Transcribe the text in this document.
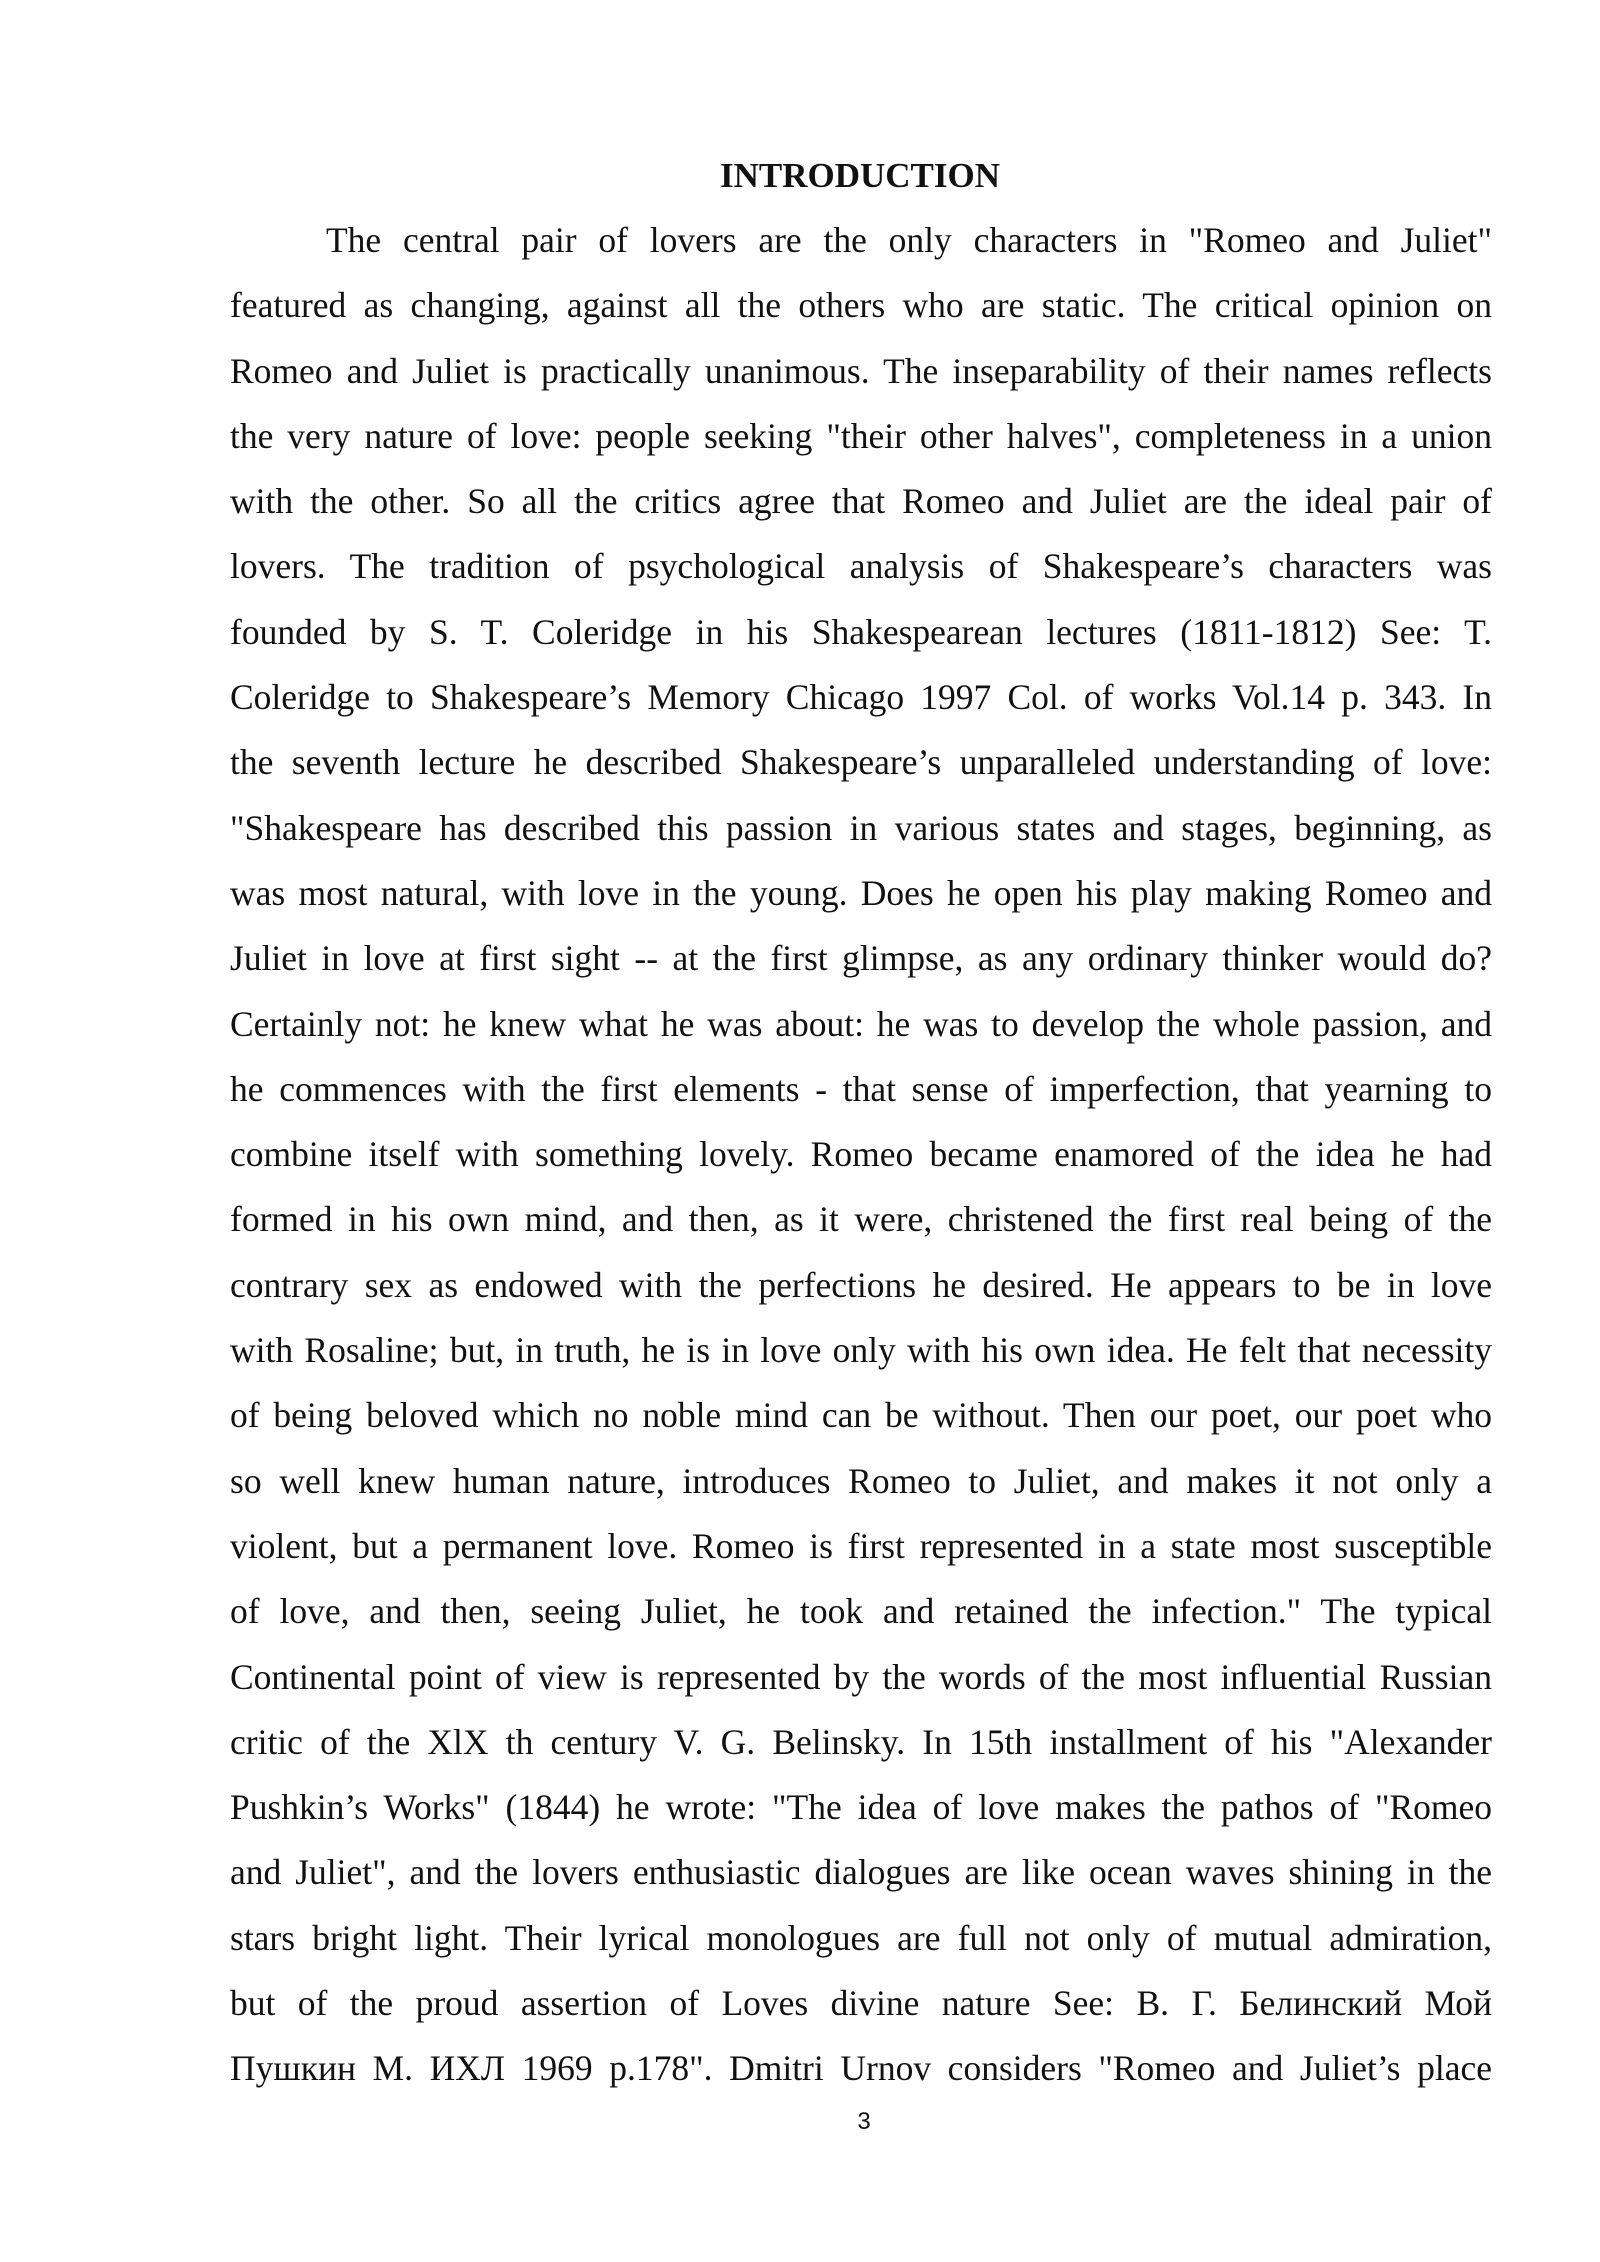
INTRODUCTION
The central pair of lovers are the only characters in "Romeo and Juliet"
featured as changing, against all the others who are static. The critical opinion on
Romeo and Juliet is practically unanimous. The inseparability of their names reflects
the very nature of love: people seeking "their other halves", completeness in a union
with the other. So all the critics agree that Romeo and Juliet are the ideal pair of
lovers. The tradition of psychological analysis of Shakespeare’s characters was
founded by S. T. Coleridge in his Shakespearean lectures (1811-1812) See: T.
Coleridge to Shakespeare’s Memory Chicago 1997 Col. of works Vol.14 p. 343. In
the seventh lecture he described Shakespeare’s unparalleled understanding of love:
"Shakespeare has described this passion in various states and stages, beginning, as
was most natural, with love in the young. Does he open his play making Romeo and
Juliet in love at first sight -- at the first glimpse, as any ordinary thinker would do?
Certainly not: he knew what he was about: he was to develop the whole passion, and
he commences with the first elements - that sense of imperfection, that yearning to
combine itself with something lovely. Romeo became enamored of the idea he had
formed in his own mind, and then, as it were, christened the first real being of the
contrary sex as endowed with the perfections he desired. He appears to be in love
with Rosaline; but, in truth, he is in love only with his own idea. He felt that necessity
of being beloved which no noble mind can be without. Then our poet, our poet who
so well knew human nature, introduces Romeo to Juliet, and makes it not only a
violent, but a permanent love. Romeo is first represented in a state most susceptible
of love, and then, seeing Juliet, he took and retained the infection." The typical
Continental point of view is represented by the words of the most influential Russian
critic of the XlX th century V. G. Belinsky. In 15th installment of his "Alexander
Pushkin’s Works" (1844) he wrote: "The idea of love makes the pathos of "Romeo
and Juliet", and the lovers enthusiastic dialogues are like ocean waves shining in the
stars bright light. Their lyrical monologues are full not only of mutual admiration,
but of the proud assertion of Loves divine nature See: В. Г. Белинский Мой
Пушкин М. ИХЛ 1969 p.178". Dmitri Urnov considers "Romeo and Juliet’s place
3
